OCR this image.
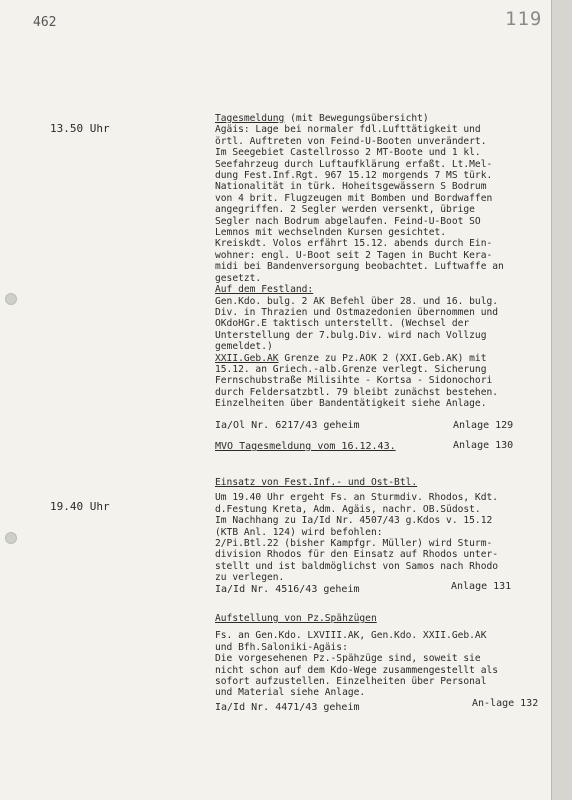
462	119
13.50 Uhr
Tagesmeldung (mit Bewegungsübersicht)
Ägäis: Lage bei normaler fdl.Lufttätigkeit und
örtl. Auftreten von Feind-U-Booten unverändert.
Im Seegebiet Castellrosso 2 MT-Boote und 1 kl.
Seefahrzeug durch Luftaufklärung erfaßt. Lt.Mel-
dung Fest.Inf.Rgt. 967 15.12 morgends 7 MS türk.
Nationalität in türk. Hoheitsgewässern S Bodrum
von 4 brit. Flugzeugen mit Bomben und Bordwaffen
angegriffen. 2 Segler werden versenkt, übrige
Segler nach Bodrum abgelaufen. Feind-U-Boot SO
Lemnos mit wechselnden Kursen gesichtet.
Kreiskdt. Volos erfährt 15.12. abends durch Ein-
wohner: engl. U-Boot seit 2 Tagen in Bucht Kera-
midi bei Bandenversorgung beobachtet. Luftwaffe an
gesetzt.
Auf dem Festland:
Gen.Kdo. bulg. 2 AK Befehl über 28. und 16. bulg.
Div. in Thrazien und Ostmazedonien übernommen und
OKdoHGr.E taktisch unterstellt. (Wechsel der
Unterstellung der 7.bulg.Div. wird nach Vollzug
gemeldet.)
XXII.Geb.AK Grenze zu Pz.AOK 2 (XXI.Geb.AK) mit
15.12. an Griech.-alb.Grenze verlegt. Sicherung
Fernschubstraße Milisihte - Kortsa - Sidonochori
durch Feldersatzbtl. 79 bleibt zunächst bestehen.
Einzelheiten über Bandentätigkeit siehe Anlage.
Ia/Ol Nr. 6217/43 geheim	Anlage 129
MVO Tagesmeldung vom 16.12.43.	Anlage 130
19.40 Uhr
Einsatz von Fest.Inf.- und Ost-Btl.
Um 19.40 Uhr ergeht Fs. an Sturmdiv. Rhodos, Kdt.
d.Festung Kreta, Adm. Ägäis, nachr. OB.Südost.
Im Nachhang zu Ia/Id Nr. 4507/43 g.Kdos v. 15.12
(KTB Anl. 124) wird befohlen:
2/Pi.Btl.22 (bisher Kampfgr. Müller) wird Sturm-
division Rhodos für den Einsatz auf Rhodos unter-
stellt und ist baldmöglichst von Samos nach Rhodo
zu verlegen.
Ia/Id Nr. 4516/43 geheim	Anlage 131
Aufstellung von Pz.Spähzügen
Fs. an Gen.Kdo. LXVIII.AK, Gen.Kdo. XXII.Geb.AK
und Bfh.Saloniki-Ägäis:
Die vorgesehenen Pz.-Spähzüge sind, soweit sie
nicht schon auf dem Kdo-Wege zusammengestellt als
sofort aufzustellen. Einzelheiten über Personal
und Material siehe Anlage.
Ia/Id Nr. 4471/43 geheim	An-lage 132
